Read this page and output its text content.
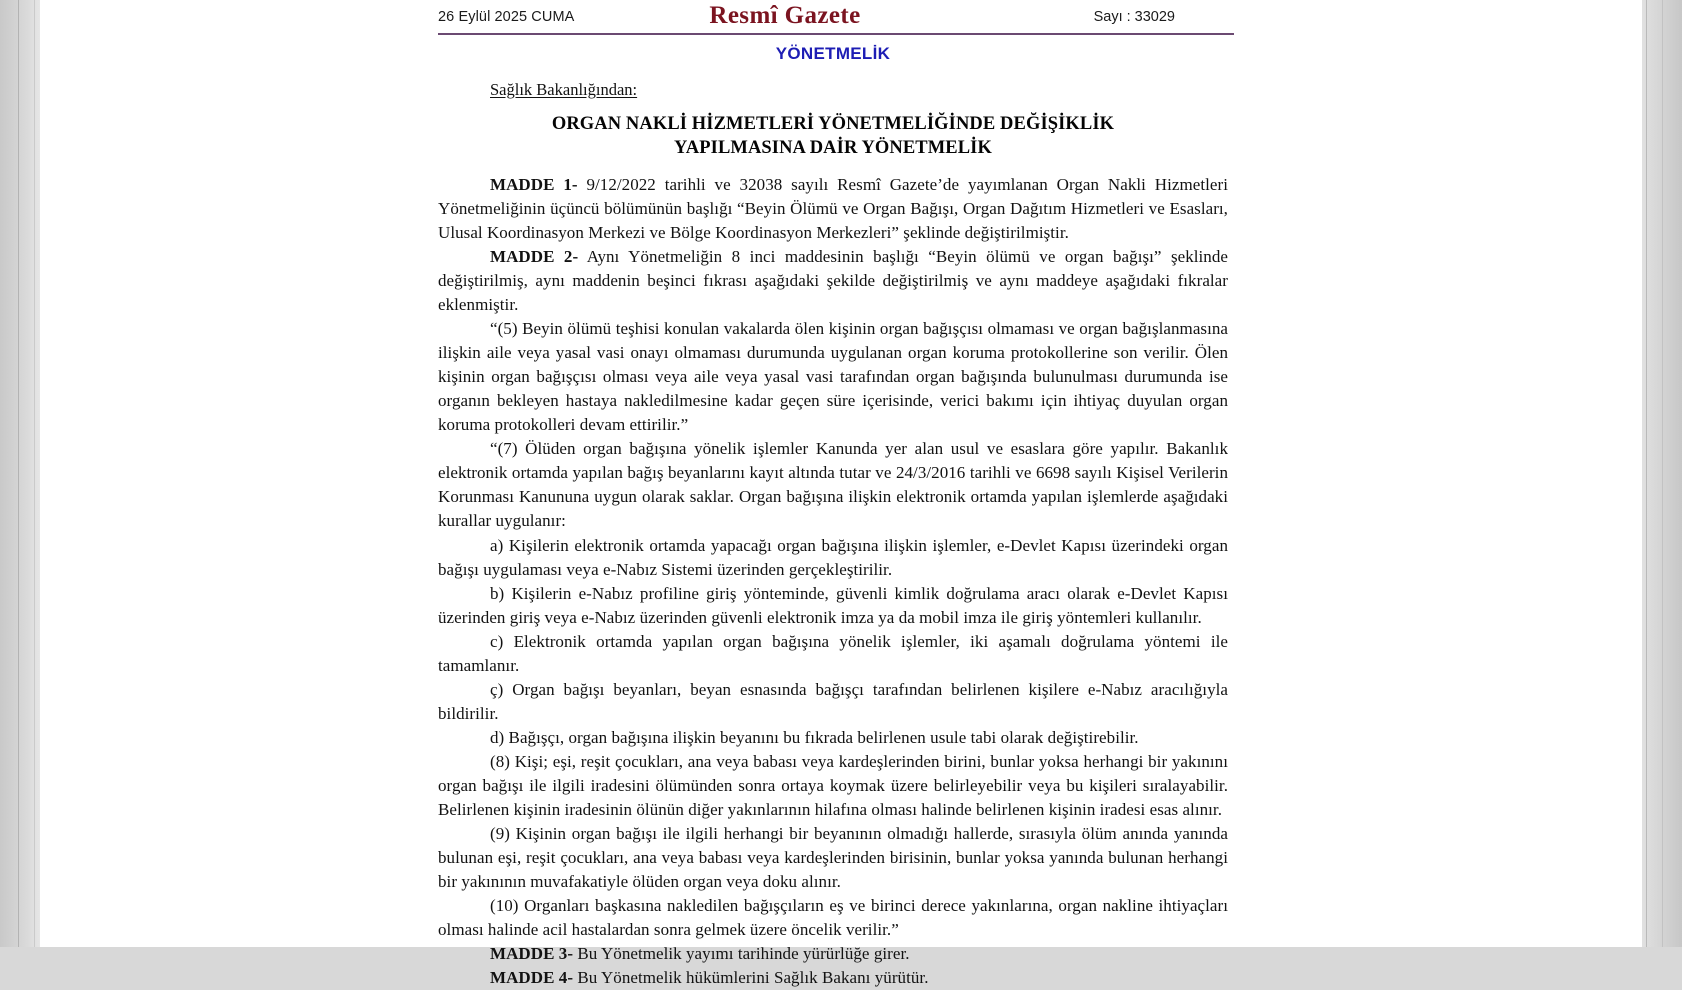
26 Eylül 2025 CUMA	Resmî Gazete	Sayı : 33029
YÖNETMELİK
Sağlık Bakanlığından:
ORGAN NAKLİ HİZMETLERİ YÖNETMELİĞİNDE DEĞİŞİKLİK
YAPILMASINA DAİR YÖNETMELİK

MADDE 1- 9/12/2022 tarihli ve 32038 sayılı Resmî Gazete’de yayımlanan Organ Nakli Hizmetleri Yönetmeliğinin üçüncü bölümünün başlığı “Beyin Ölümü ve Organ Bağışı, Organ Dağıtım Hizmetleri ve Esasları, Ulusal Koordinasyon Merkezi ve Bölge Koordinasyon Merkezleri” şeklinde değiştirilmiştir.

MADDE 2- Aynı Yönetmeliğin 8 inci maddesinin başlığı “Beyin ölümü ve organ bağışı” şeklinde değiştirilmiş, aynı maddenin beşinci fıkrası aşağıdaki şekilde değiştirilmiş ve aynı maddeye aşağıdaki fıkralar eklenmiştir.

“(5) Beyin ölümü teşhisi konulan vakalarda ölen kişinin organ bağışçısı olmaması ve organ bağışlanmasına ilişkin aile veya yasal vasi onayı olmaması durumunda uygulanan organ koruma protokollerine son verilir. Ölen kişinin organ bağışçısı olması veya aile veya yasal vasi tarafından organ bağışında bulunulması durumunda ise organın bekleyen hastaya nakledilmesine kadar geçen süre içerisinde, verici bakımı için ihtiyaç duyulan organ koruma protokolleri devam ettirilir.”

“(7) Ölüden organ bağışına yönelik işlemler Kanunda yer alan usul ve esaslara göre yapılır. Bakanlık elektronik ortamda yapılan bağış beyanlarını kayıt altında tutar ve 24/3/2016 tarihli ve 6698 sayılı Kişisel Verilerin Korunması Kanununa uygun olarak saklar. Organ bağışına ilişkin elektronik ortamda yapılan işlemlerde aşağıdaki kurallar uygulanır:

a) Kişilerin elektronik ortamda yapacağı organ bağışına ilişkin işlemler, e-Devlet Kapısı üzerindeki organ bağışı uygulaması veya e-Nabız Sistemi üzerinden gerçekleştirilir.

b) Kişilerin e-Nabız profiline giriş yönteminde, güvenli kimlik doğrulama aracı olarak e-Devlet Kapısı üzerinden giriş veya e-Nabız üzerinden güvenli elektronik imza ya da mobil imza ile giriş yöntemleri kullanılır.

c) Elektronik ortamda yapılan organ bağışına yönelik işlemler, iki aşamalı doğrulama yöntemi ile tamamlanır.

ç) Organ bağışı beyanları, beyan esnasında bağışçı tarafından belirlenen kişilere e-Nabız aracılığıyla bildirilir.

d) Bağışçı, organ bağışına ilişkin beyanını bu fıkrada belirlenen usule tabi olarak değiştirebilir.

(8) Kişi; eşi, reşit çocukları, ana veya babası veya kardeşlerinden birini, bunlar yoksa herhangi bir yakınını organ bağışı ile ilgili iradesini ölümünden sonra ortaya koymak üzere belirleyebilir veya bu kişileri sıralayabilir. Belirlenen kişinin iradesinin ölünün diğer yakınlarının hilafına olması halinde belirlenen kişinin iradesi esas alınır.

(9) Kişinin organ bağışı ile ilgili herhangi bir beyanının olmadığı hallerde, sırasıyla ölüm anında yanında bulunan eşi, reşit çocukları, ana veya babası veya kardeşlerinden birisinin, bunlar yoksa yanında bulunan herhangi bir yakınının muvafakatiyle ölüden organ veya doku alınır.

(10) Organları başkasına nakledilen bağışçıların eş ve birinci derece yakınlarına, organ nakline ihtiyaçları olması halinde acil hastalardan sonra gelmek üzere öncelik verilir.”

MADDE 3- Bu Yönetmelik yayımı tarihinde yürürlüğe girer.

MADDE 4- Bu Yönetmelik hükümlerini Sağlık Bakanı yürütür.
